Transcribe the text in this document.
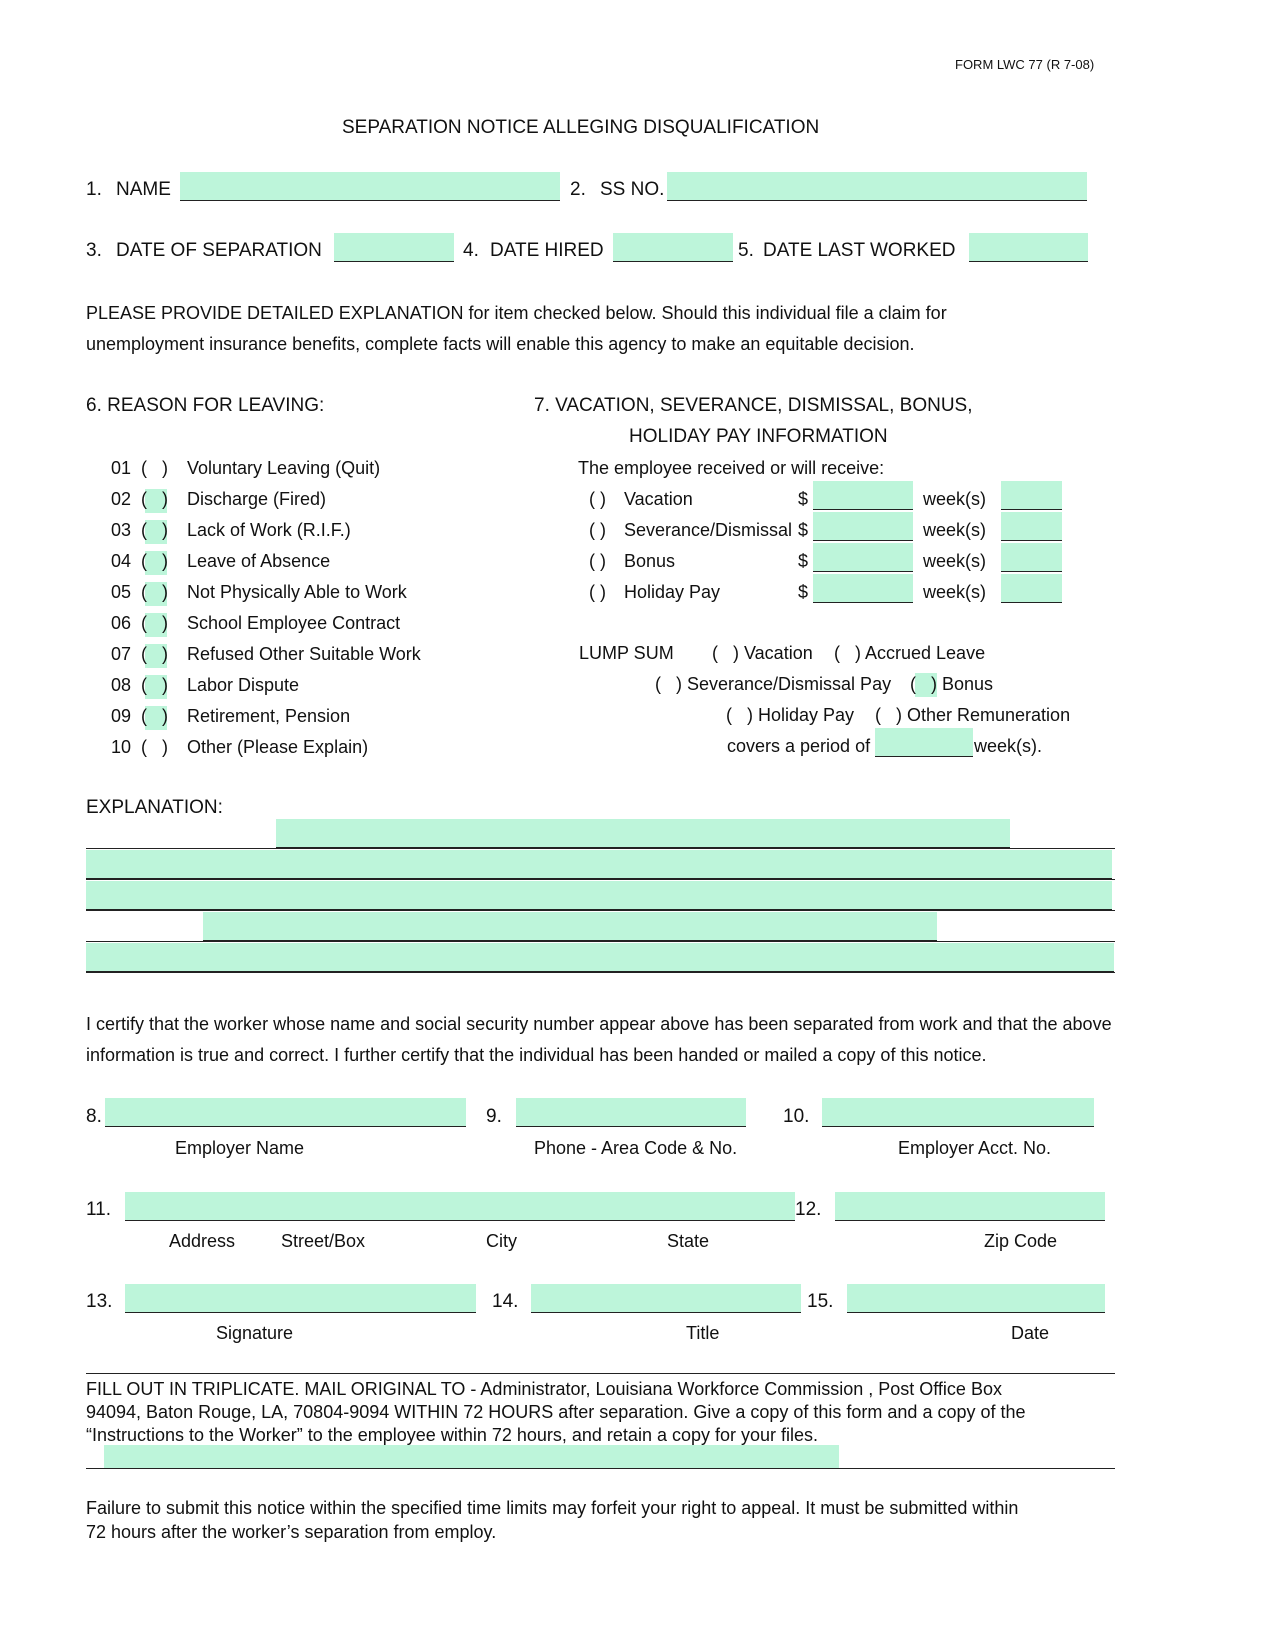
FORM LWC 77 (R 7-08)
SEPARATION NOTICE ALLEGING DISQUALIFICATION
1. NAME	2. SS NO.
3. DATE OF SEPARATION	4. DATE HIRED	5. DATE LAST WORKED
PLEASE PROVIDE DETAILED EXPLANATION for item checked below. Should this individual file a claim for
unemployment insurance benefits, complete facts will enable this agency to make an equitable decision.
6. REASON FOR LEAVING:	7. VACATION, SEVERANCE, DISMISSAL, BONUS,
HOLIDAY PAY INFORMATION
01 (   ) Voluntary Leaving (Quit)
02 (   ) Discharge (Fired)
03 (   ) Lack of Work (R.I.F.)
04 (   ) Leave of Absence
05 (   ) Not Physically Able to Work
06 (   ) School Employee Contract
07 (   ) Refused Other Suitable Work
08 (   ) Labor Dispute
09 (   ) Retirement, Pension
10 (   ) Other (Please Explain)
The employee received or will receive:
( ) Vacation	$	week(s)
( ) Severance/Dismissal $	week(s)
( ) Bonus	$	week(s)
( ) Holiday Pay	$	week(s)
LUMP SUM (   ) Vacation (   ) Accrued Leave
(   ) Severance/Dismissal Pay (   ) Bonus
(   ) Holiday Pay (   ) Other Remuneration
covers a period of	week(s).
EXPLANATION:
I certify that the worker whose name and social security number appear above has been separated from work and that the above
information is true and correct. I further certify that the individual has been handed or mailed a copy of this notice.
8.	9.	10.
Employer Name	Phone - Area Code & No.	Employer Acct. No.
11.	12.
Address	Street/Box	City	State	Zip Code
13.	14.	15.
Signature	Title	Date
FILL OUT IN TRIPLICATE. MAIL ORIGINAL TO - Administrator, Louisiana Workforce Commission , Post Office Box
94094, Baton Rouge, LA, 70804-9094 WITHIN 72 HOURS after separation. Give a copy of this form and a copy of the
“Instructions to the Worker” to the employee within 72 hours, and retain a copy for your files.
Failure to submit this notice within the specified time limits may forfeit your right to appeal. It must be submitted within
72 hours after the worker’s separation from employ.
